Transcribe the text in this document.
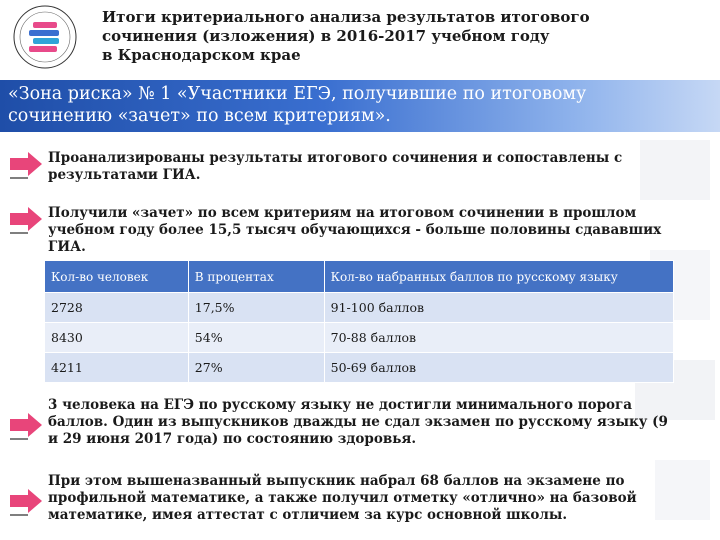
Итоги критериального анализа результатов итогового
сочинения (изложения) в 2016-2017 учебном году
в Краснодарском крае
«Зона риска» № 1 «Участники ЕГЭ, получившие по итоговому
сочинению «зачет» по всем критериям».
Проанализированы результаты итогового сочинения и сопоставлены с
результатами ГИА.
Получили «зачет» по всем критериям на итоговом сочинении в прошлом
учебном году более 15,5 тысяч обучающихся - больше половины сдававших
ГИА.
Кол-во человек	В процентах	Кол-во набранных баллов по русскому языку
2728	17,5%	91-100 баллов
8430	54%	70-88 баллов
4211	27%	50-69 баллов
3 человека на ЕГЭ по русскому языку не достигли минимального порога
баллов. Один из выпускников дважды не сдал экзамен по русскому языку (9
и 29 июня 2017 года) по состоянию здоровья.
При этом вышеназванный выпускник набрал 68 баллов на экзамене по
профильной математике, а также получил отметку «отлично» на базовой
математике, имея аттестат с отличием за курс основной школы.
